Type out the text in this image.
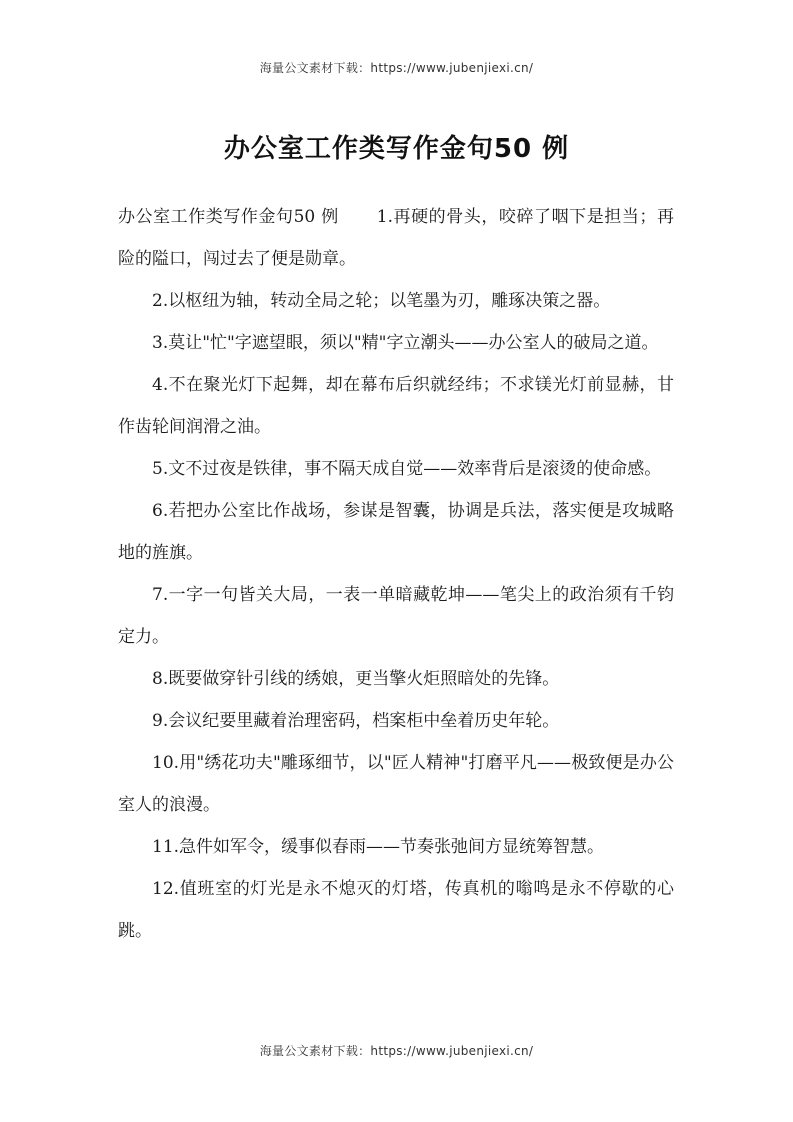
海量公文素材下载：https://www.jubenjiexi.cn/
办公室工作类写作金句50 例

办公室工作类写作金句50 例 1.再硬的骨头，咬碎了咽下是担当；再险的隘口，闯过去了便是勋章。

2.以枢纽为轴，转动全局之轮；以笔墨为刃，雕琢决策之器。

3.莫让"忙"字遮望眼，须以"精"字立潮头——办公室人的破局之道。

4.不在聚光灯下起舞，却在幕布后织就经纬；不求镁光灯前显赫，甘作齿轮间润滑之油。

5.文不过夜是铁律，事不隔天成自觉——效率背后是滚烫的使命感。

6.若把办公室比作战场，参谋是智囊，协调是兵法，落实便是攻城略地的旌旗。

7.一字一句皆关大局，一表一单暗藏乾坤——笔尖上的政治须有千钧定力。

8.既要做穿针引线的绣娘，更当擎火炬照暗处的先锋。

9.会议纪要里藏着治理密码，档案柜中垒着历史年轮。

10.用"绣花功夫"雕琢细节，以"匠人精神"打磨平凡——极致便是办公室人的浪漫。

11.急件如军令，缓事似春雨——节奏张弛间方显统筹智慧。

12.值班室的灯光是永不熄灭的灯塔，传真机的嗡鸣是永不停歇的心跳。

海量公文素材下载：https://www.jubenjiexi.cn/
